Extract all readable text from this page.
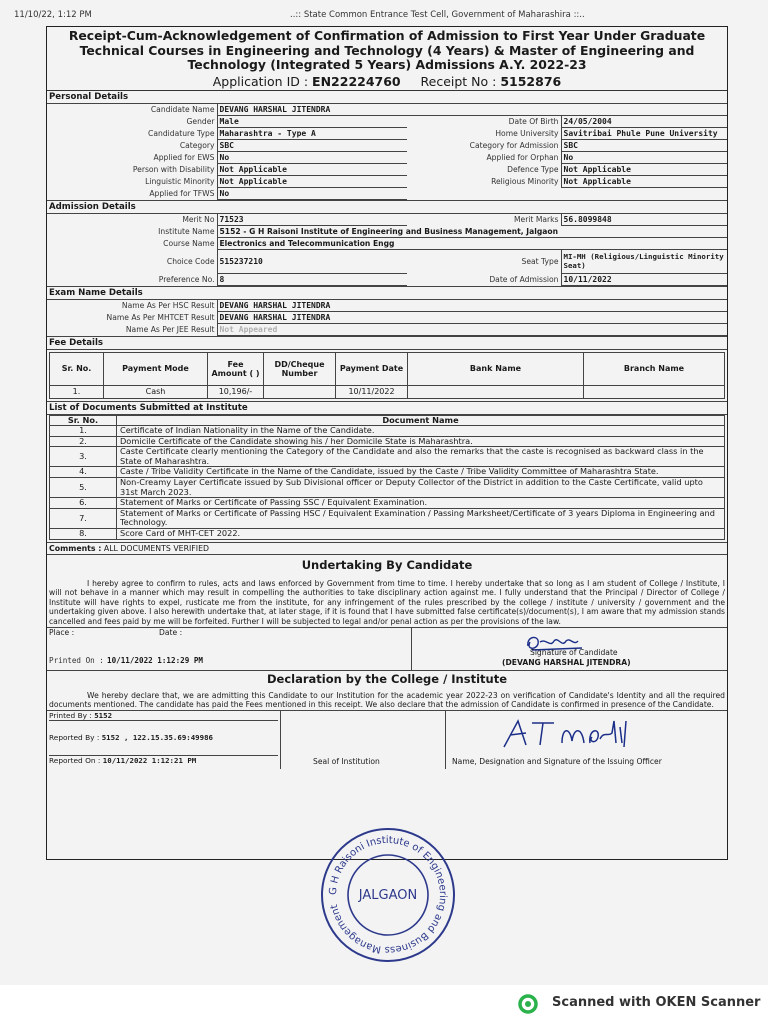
11/10/22, 1:12 PM	..:: State Common Entrance Test Cell, Government of Maharashira ::..
Receipt-Cum-Acknowledgement of Confirmation of Admission to First Year Under Graduate Technical Courses in Engineering and Technology (4 Years) & Master of Engineering and Technology (Integrated 5 Years) Admissions A.Y. 2022-23
Application ID : EN22224760 Receipt No : 5152876
Personal Details
Candidate Name	DEVANG HARSHAL JITENDRA		
Gender	Male	Date Of Birth	24/05/2004
Candidature Type	Maharashtra - Type A	Home University	Savitribai Phule Pune University
Category	SBC	Category for Admission	SBC
Applied for EWS	No	Applied for Orphan	No
Person with Disability	Not Applicable	Defence Type	Not Applicable
Linguistic Minority	Not Applicable	Religious Minority	Not Applicable
Applied for TFWS	No		
Admission Details
Merit No	71523	Merit Marks	56.8099848
Institute Name	5152 - G H Raisoni Institute of Engineering and Business Management, Jalgaon		
Course Name	Electronics and Telecommunication Engg		
Choice Code	515237210	Seat Type	MI-MH (Religious/Linguistic Minority Seat)
Preference No.	8	Date of Admission	10/11/2022
Exam Name Details
Name As Per HSC Result	DEVANG HARSHAL JITENDRA
Name As Per MHTCET Result	DEVANG HARSHAL JITENDRA
Name As Per JEE Result	Not Appeared
Fee Details
Sr. No.	Payment Mode	Fee Amount ( )	DD/Cheque Number	Payment Date	Bank Name	Branch Name
1.	Cash	10,196/-		10/11/2022		
List of Documents Submitted at Institute
Sr. No.	Document Name
1.	Certificate of Indian Nationality in the Name of the Candidate.
2.	Domicile Certificate of the Candidate showing his / her Domicile State is Maharashtra.
3.	Caste Certificate clearly mentioning the Category of the Candidate and also the remarks that the caste is recognised as backward class in the State of Maharashtra.
4.	Caste / Tribe Validity Certificate in the Name of the Candidate, issued by the Caste / Tribe Validity Committee of Maharashtra State.
5.	Non-Creamy Layer Certificate issued by Sub Divisional officer or Deputy Collector of the District in addition to the Caste Certificate, valid upto 31st March 2023.
6.	Statement of Marks or Certificate of Passing SSC / Equivalent Examination.
7.	Statement of Marks or Certificate of Passing HSC / Equivalent Examination / Passing Marksheet/Certificate of 3 years Diploma in Engineering and Technology.
8.	Score Card of MHT-CET 2022.
Comments : ALL DOCUMENTS VERIFIED
Undertaking By Candidate
I hereby agree to confirm to rules, acts and laws enforced by Government from time to time. I hereby undertake that so long as I am student of College / Institute, I will not behave in a manner which may result in compelling the authorities to take disciplinary action against me. I fully understand that the Principal / Director of College / Institute will have rights to expel, rusticate me from the institute, for any infringement of the rules prescribed by the college / institute / university / government and the undertaking given above. I also herewith undertake that, at later stage, if it is found that I have submitted false certificate(s)/document(s), I am aware that my admission stands cancelled and fees paid by me will be forfeited. Further I will be subjected to legal and/or penal action as per the provisions of the law.
Place :	Date :
Printed On : 10/11/2022 1:12:29 PM
Signature of Candidate
(DEVANG HARSHAL JITENDRA)
Declaration by the College / Institute
We hereby declare that, we are admitting this Candidate to our Institution for the academic year 2022-23 on verification of Candidate's Identity and all the required documents mentioned. The candidate has paid the Fees mentioned in this receipt. We also declare that the admission of Candidate is confirmed in presence of the Candidate.
Printed By : 5152
Reported By : 5152 , 122.15.35.69:49986
Reported On : 10/11/2022 1:12:21 PM	Seal of Institution	Name, Designation and Signature of the Issuing Officer
G H Raisoni Institute of Engineering and Business Management
JALGAON
Scanned with OKEN Scanner
